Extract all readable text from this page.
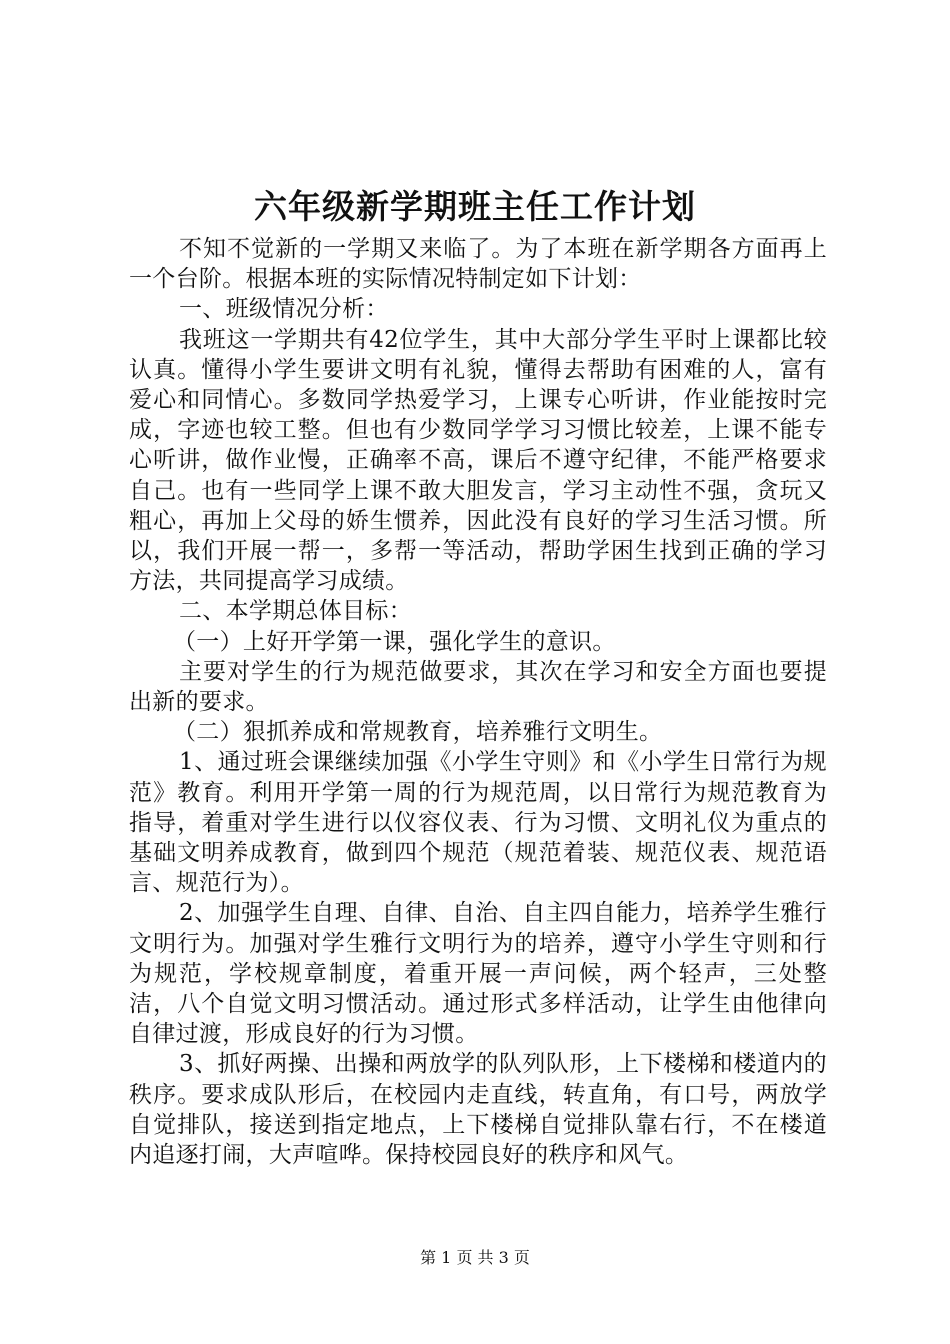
六年级新学期班主任工作计划

不知不觉新的一学期又来临了。为了本班在新学期各方面再上一个台阶。根据本班的实际情况特制定如下计划：

一、班级情况分析：

我班这一学期共有42位学生，其中大部分学生平时上课都比较认真。懂得小学生要讲文明有礼貌，懂得去帮助有困难的人，富有爱心和同情心。多数同学热爱学习，上课专心听讲，作业能按时完成，字迹也较工整。但也有少数同学学习习惯比较差，上课不能专心听讲，做作业慢，正确率不高，课后不遵守纪律，不能严格要求自己。也有一些同学上课不敢大胆发言，学习主动性不强，贪玩又粗心，再加上父母的娇生惯养，因此没有良好的学习生活习惯。所以，我们开展一帮一，多帮一等活动，帮助学困生找到正确的学习方法，共同提高学习成绩。

二、本学期总体目标：

（一）上好开学第一课，强化学生的意识。

主要对学生的行为规范做要求，其次在学习和安全方面也要提出新的要求。

（二）狠抓养成和常规教育，培养雅行文明生。

1、通过班会课继续加强《小学生守则》和《小学生日常行为规范》教育。利用开学第一周的行为规范周，以日常行为规范教育为指导，着重对学生进行以仪容仪表、行为习惯、文明礼仪为重点的基础文明养成教育，做到四个规范（规范着装、规范仪表、规范语言、规范行为）。

2、加强学生自理、自律、自治、自主四自能力，培养学生雅行文明行为。加强对学生雅行文明行为的培养，遵守小学生守则和行为规范，学校规章制度，着重开展一声问候，两个轻声，三处整洁，八个自觉文明习惯活动。通过形式多样活动，让学生由他律向自律过渡，形成良好的行为习惯。

3、抓好两操、出操和两放学的队列队形，上下楼梯和楼道内的秩序。要求成队形后，在校园内走直线，转直角，有口号，两放学自觉排队，接送到指定地点，上下楼梯自觉排队靠右行，不在楼道内追逐打闹，大声喧哗。保持校园良好的秩序和风气。

第 1 页 共 3 页
